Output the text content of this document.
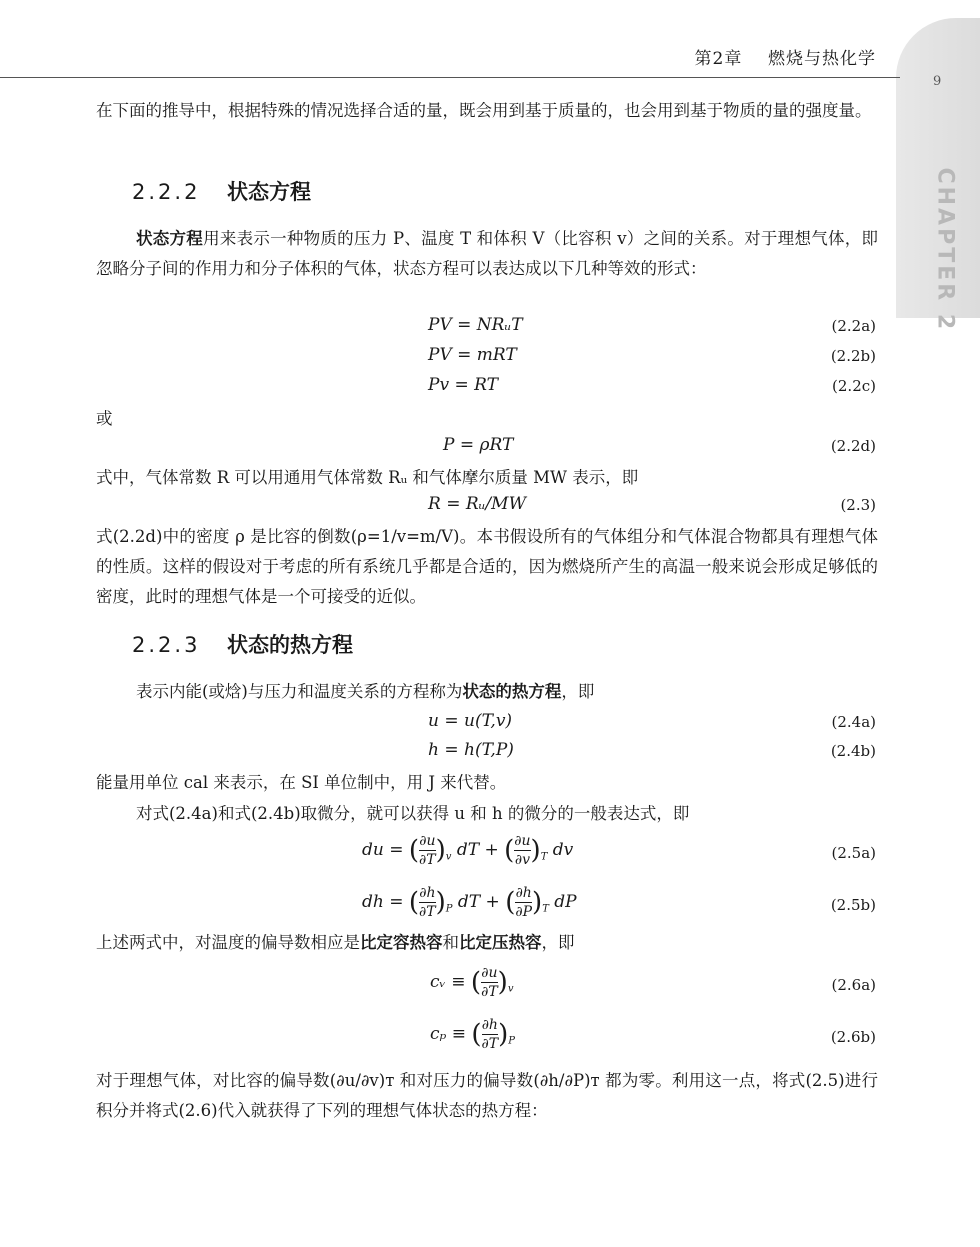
9
CHAPTER 2
第2章 燃烧与热化学
在下面的推导中，根据特殊的情况选择合适的量，既会用到基于质量的，也会用到基于物质的量的强度量。
2.2.2 状态方程
状态方程用来表示一种物质的压力 P、温度 T 和体积 V（比容积 v）之间的关系。对于理想气体，即忽略分子间的作用力和分子体积的气体，状态方程可以表达成以下几种等效的形式：
PV = NRᵤT	(2.2a)
PV = mRT	(2.2b)
Pv = RT	(2.2c)
或
P = ρRT	(2.2d)
式中，气体常数 R 可以用通用气体常数 Rᵤ 和气体摩尔质量 MW 表示，即
R = Rᵤ/MW	(2.3)
式(2.2d)中的密度 ρ 是比容的倒数(ρ=1/v=m/V)。本书假设所有的气体组分和气体混合物都具有理想气体的性质。这样的假设对于考虑的所有系统几乎都是合适的，因为燃烧所产生的高温一般来说会形成足够低的密度，此时的理想气体是一个可接受的近似。
2.2.3 状态的热方程
表示内能(或焓)与压力和温度关系的方程称为状态的热方程，即
u = u(T,v)	(2.4a)
h = h(T,P)	(2.4b)
能量用单位 cal 来表示，在 SI 单位制中，用 J 来代替。
对式(2.4a)和式(2.4b)取微分，就可以获得 u 和 h 的微分的一般表达式，即
du = ( $\frac{\partial u}{\partial T} )_v$ dT + ( $\frac{\partial u}{\partial v} )_T$ dv	(2.5a)
dh = ( $\frac{\partial h}{\partial T} )_P$ dT + ( $\frac{\partial h}{\partial P} )_T$ dP	(2.5b)
上述两式中，对温度的偏导数相应是比定容热容和比定压热容，即
cᵥ ≡ ( $\frac{\partial u}{\partial T} )_v$	(2.6a)
cₚ ≡ ( $\frac{\partial h}{\partial T} )_P$	(2.6b)
对于理想气体，对比容的偏导数(∂u/∂v)ᴛ 和对压力的偏导数(∂h/∂P)ᴛ 都为零。利用这一点，将式(2.5)进行积分并将式(2.6)代入就获得了下列的理想气体状态的热方程：
